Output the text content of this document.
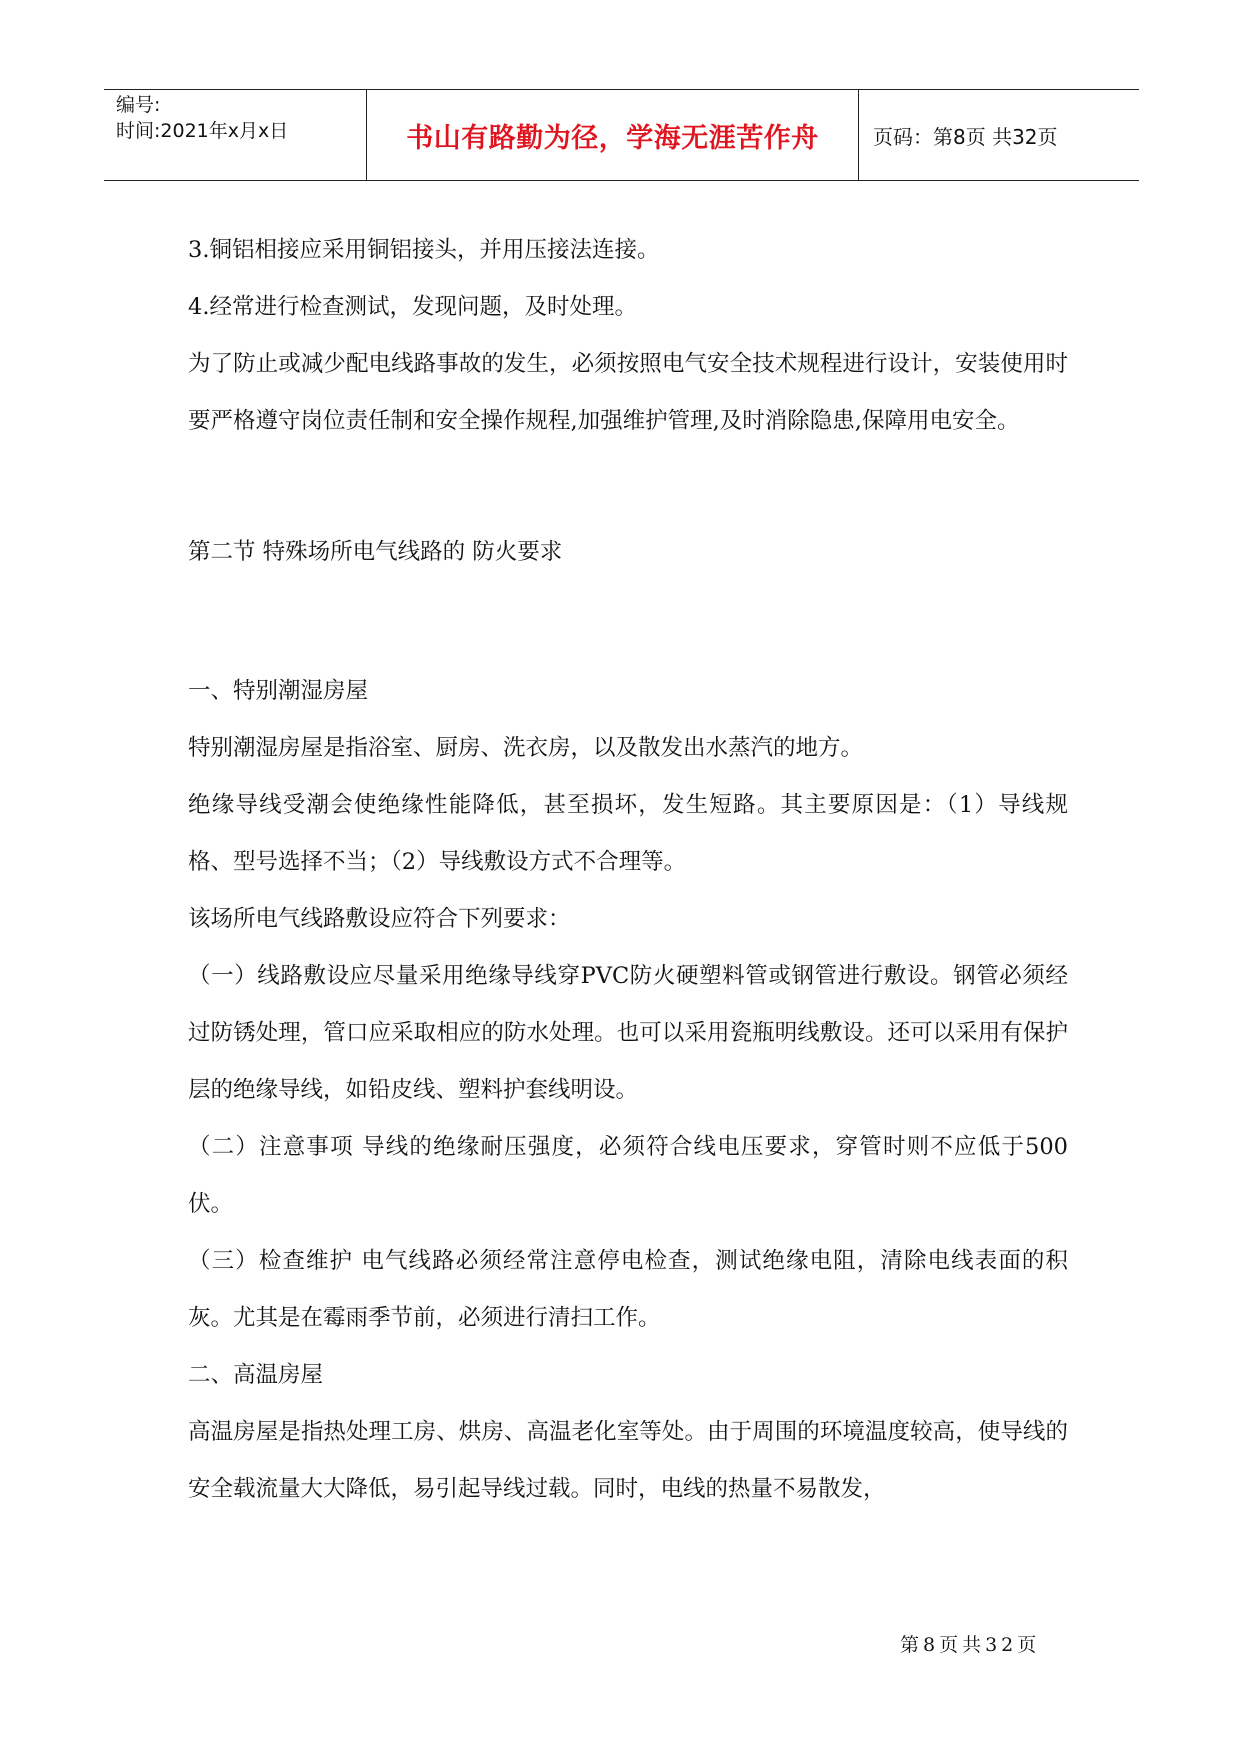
编号:
时间:2021年x月x日	书山有路勤为径，学海无涯苦作舟	页码：第8页 共32页

3.铜铝相接应采用铜铝接头，并用压接法连接。

4.经常进行检查测试，发现问题，及时处理。

为了防止或减少配电线路事故的发生，必须按照电气安全技术规程进行设计，安装使用时要严格遵守岗位责任制和安全操作规程,加强维护管理,及时消除隐患,保障用电安全。

第二节 特殊场所电气线路的 防火要求

一、特别潮湿房屋

特别潮湿房屋是指浴室、厨房、洗衣房，以及散发出水蒸汽的地方。

绝缘导线受潮会使绝缘性能降低，甚至损坏，发生短路。其主要原因是：（1）导线规格、型号选择不当；（2）导线敷设方式不合理等。

该场所电气线路敷设应符合下列要求：

（一）线路敷设应尽量采用绝缘导线穿PVC防火硬塑料管或钢管进行敷设。钢管必须经过防锈处理，管口应采取相应的防水处理。也可以采用瓷瓶明线敷设。还可以采用有保护层的绝缘导线，如铅皮线、塑料护套线明设。

（二）注意事项 导线的绝缘耐压强度，必须符合线电压要求，穿管时则不应低于500伏。

（三）检查维护 电气线路必须经常注意停电检查，测试绝缘电阻，清除电线表面的积灰。尤其是在霉雨季节前，必须进行清扫工作。

二、高温房屋

高温房屋是指热处理工房、烘房、高温老化室等处。由于周围的环境温度较高，使导线的安全载流量大大降低，易引起导线过载。同时，电线的热量不易散发，

第8页共32页
